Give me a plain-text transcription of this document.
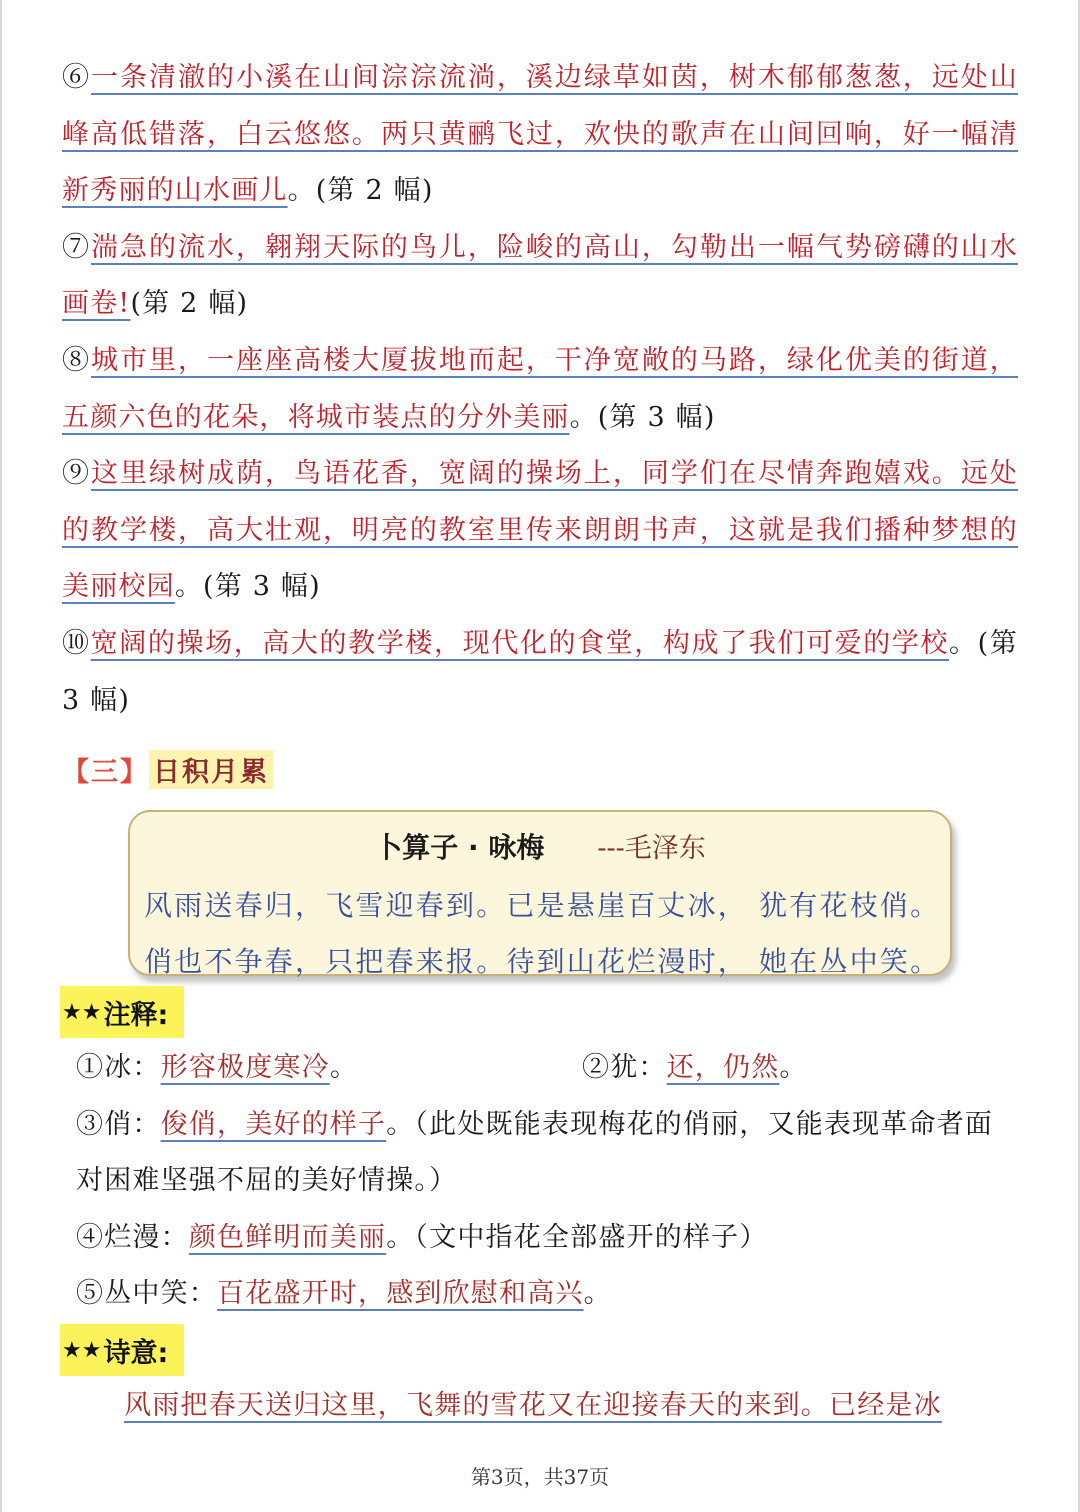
⑥一条清澈的小溪在山间淙淙流淌，溪边绿草如茵，树木郁郁葱葱，远处山峰高低错落，白云悠悠。两只黄鹂飞过，欢快的歌声在山间回响，好一幅清新秀丽的山水画儿。(第 2 幅)

⑦湍急的流水，翱翔天际的鸟儿，险峻的高山，勾勒出一幅气势磅礴的山水画卷!(第 2 幅)

⑧城市里，一座座高楼大厦拔地而起，干净宽敞的马路，绿化优美的街道，五颜六色的花朵，将城市装点的分外美丽。(第 3 幅)

⑨这里绿树成荫，鸟语花香，宽阔的操场上，同学们在尽情奔跑嬉戏。远处的教学楼，高大壮观，明亮的教室里传来朗朗书声，这就是我们播种梦想的美丽校园。(第 3 幅)

⑩宽阔的操场，高大的教学楼，现代化的食堂，构成了我们可爱的学校。(第 3 幅)

【 三 】 日积月累
卜算子 · 咏梅 ---毛泽东

风雨送春归，飞雪迎春到。已是悬崖百丈冰， 犹有花枝俏。

俏也不争春，只把春来报。待到山花烂漫时， 她在丛中笑。

★★ 注释:

①冰：形容极度寒冷。	②犹：还，仍然。

③俏：俊俏，美好的样子。（此处既能表现梅花的俏丽，又能表现革命者面对困难坚强不屈的美好情操。）

④烂漫：颜色鲜明而美丽。（文中指花全部盛开的样子）

⑤丛中笑：百花盛开时，感到欣慰和高兴。

★★ 诗意:
风雨把春天送归这里，飞舞的雪花又在迎接春天的来到。已经是冰
第3页，共37页
